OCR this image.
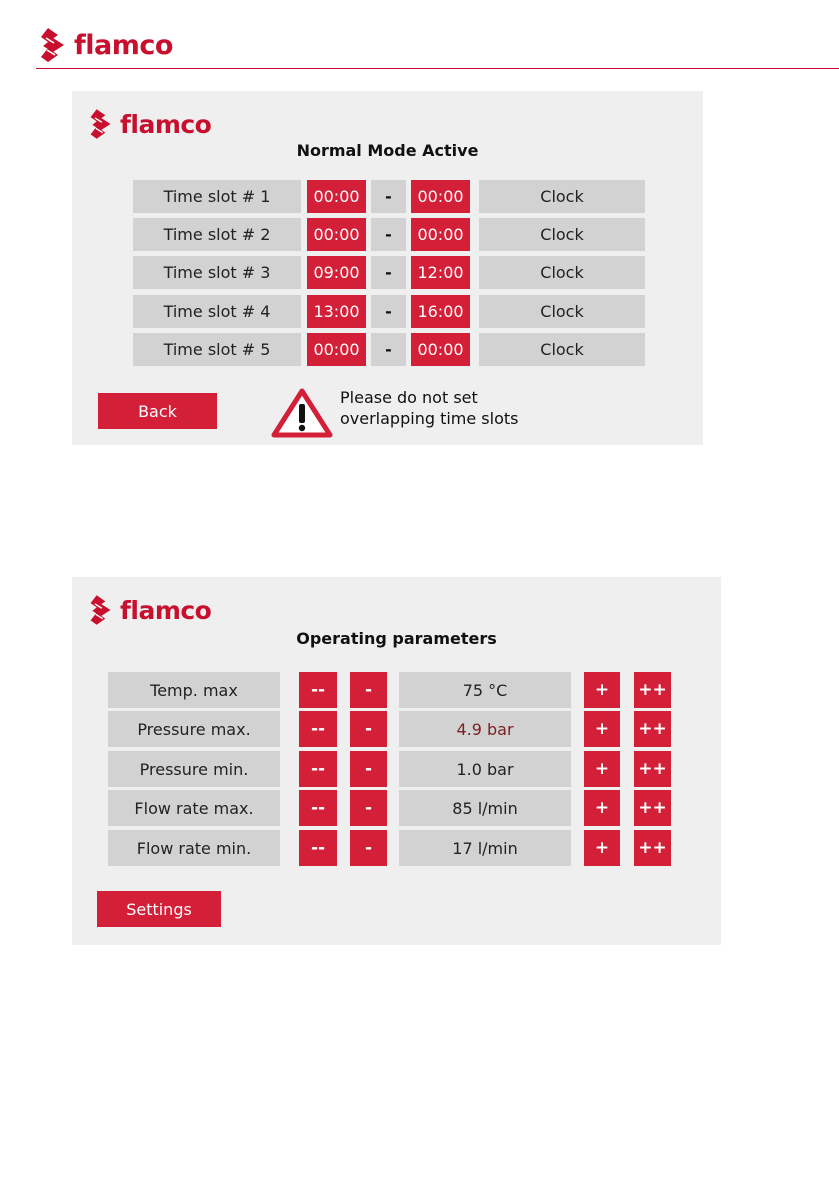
flamco
flamco
Normal Mode Active
Time slot # 1	00:00	-	00:00	Clock
Time slot # 2	00:00	-	00:00	Clock
Time slot # 3	09:00	-	12:00	Clock
Time slot # 4	13:00	-	16:00	Clock
Time slot # 5	00:00	-	00:00	Clock
Back
Please do not set
overlapping time slots
flamco
Operating parameters
Temp. max	--	-	75 °C	+	++
Pressure max.	--	-	4.9 bar	+	++
Pressure min.	--	-	1.0 bar	+	++
Flow rate max.	--	-	85 l/min	+	++
Flow rate min.	--	-	17 l/min	+	++
Settings
